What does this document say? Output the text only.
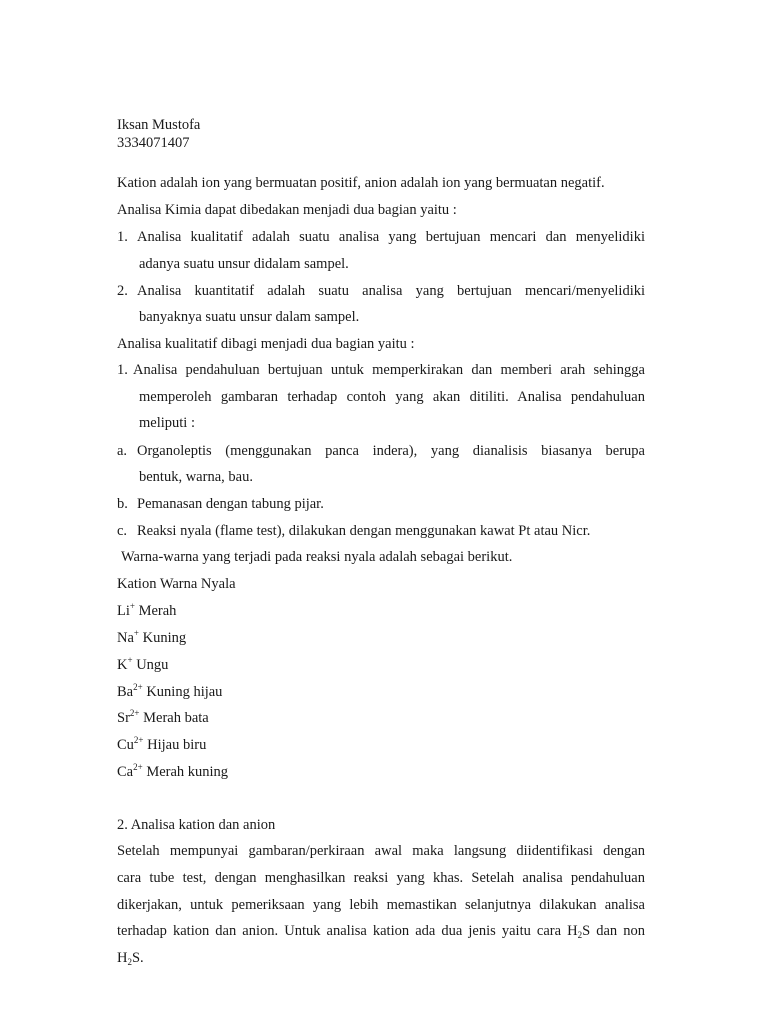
Iksan Mustofa
3334071407
Kation adalah ion yang bermuatan positif, anion adalah ion yang bermuatan negatif.
Analisa Kimia dapat dibedakan menjadi dua bagian yaitu :
1. Analisa kualitatif adalah suatu analisa yang bertujuan mencari dan menyelidiki
adanya suatu unsur didalam sampel.
2. Analisa kuantitatif adalah suatu analisa yang bertujuan mencari/menyelidiki
banyaknya suatu unsur dalam sampel.
Analisa kualitatif dibagi menjadi dua bagian yaitu :
1. Analisa pendahuluan bertujuan untuk memperkirakan dan memberi arah sehingga
memperoleh gambaran terhadap contoh yang akan ditiliti. Analisa pendahuluan
meliputi :
a. Organoleptis (menggunakan panca indera), yang dianalisis biasanya berupa
bentuk, warna, bau.
b. Pemanasan dengan tabung pijar.
c. Reaksi nyala (flame test), dilakukan dengan menggunakan kawat Pt atau Nicr.
Warna-warna yang terjadi pada reaksi nyala adalah sebagai berikut.
Kation Warna Nyala
Li+ Merah
Na+ Kuning
K+ Ungu
$Ba^{2+}$ Kuning hijau
$Sr^{2+}$ Merah bata
$Cu^{2+}$ Hijau biru
$Ca^{2+}$ Merah kuning
2. Analisa kation dan anion
Setelah mempunyai gambaran/perkiraan awal maka langsung diidentifikasi dengan
cara tube test, dengan menghasilkan reaksi yang khas. Setelah analisa pendahuluan
dikerjakan, untuk pemeriksaan yang lebih memastikan selanjutnya dilakukan analisa
terhadap kation dan anion. Untuk analisa kation ada dua jenis yaitu cara $H_2S$ dan non
$H_2S$.
